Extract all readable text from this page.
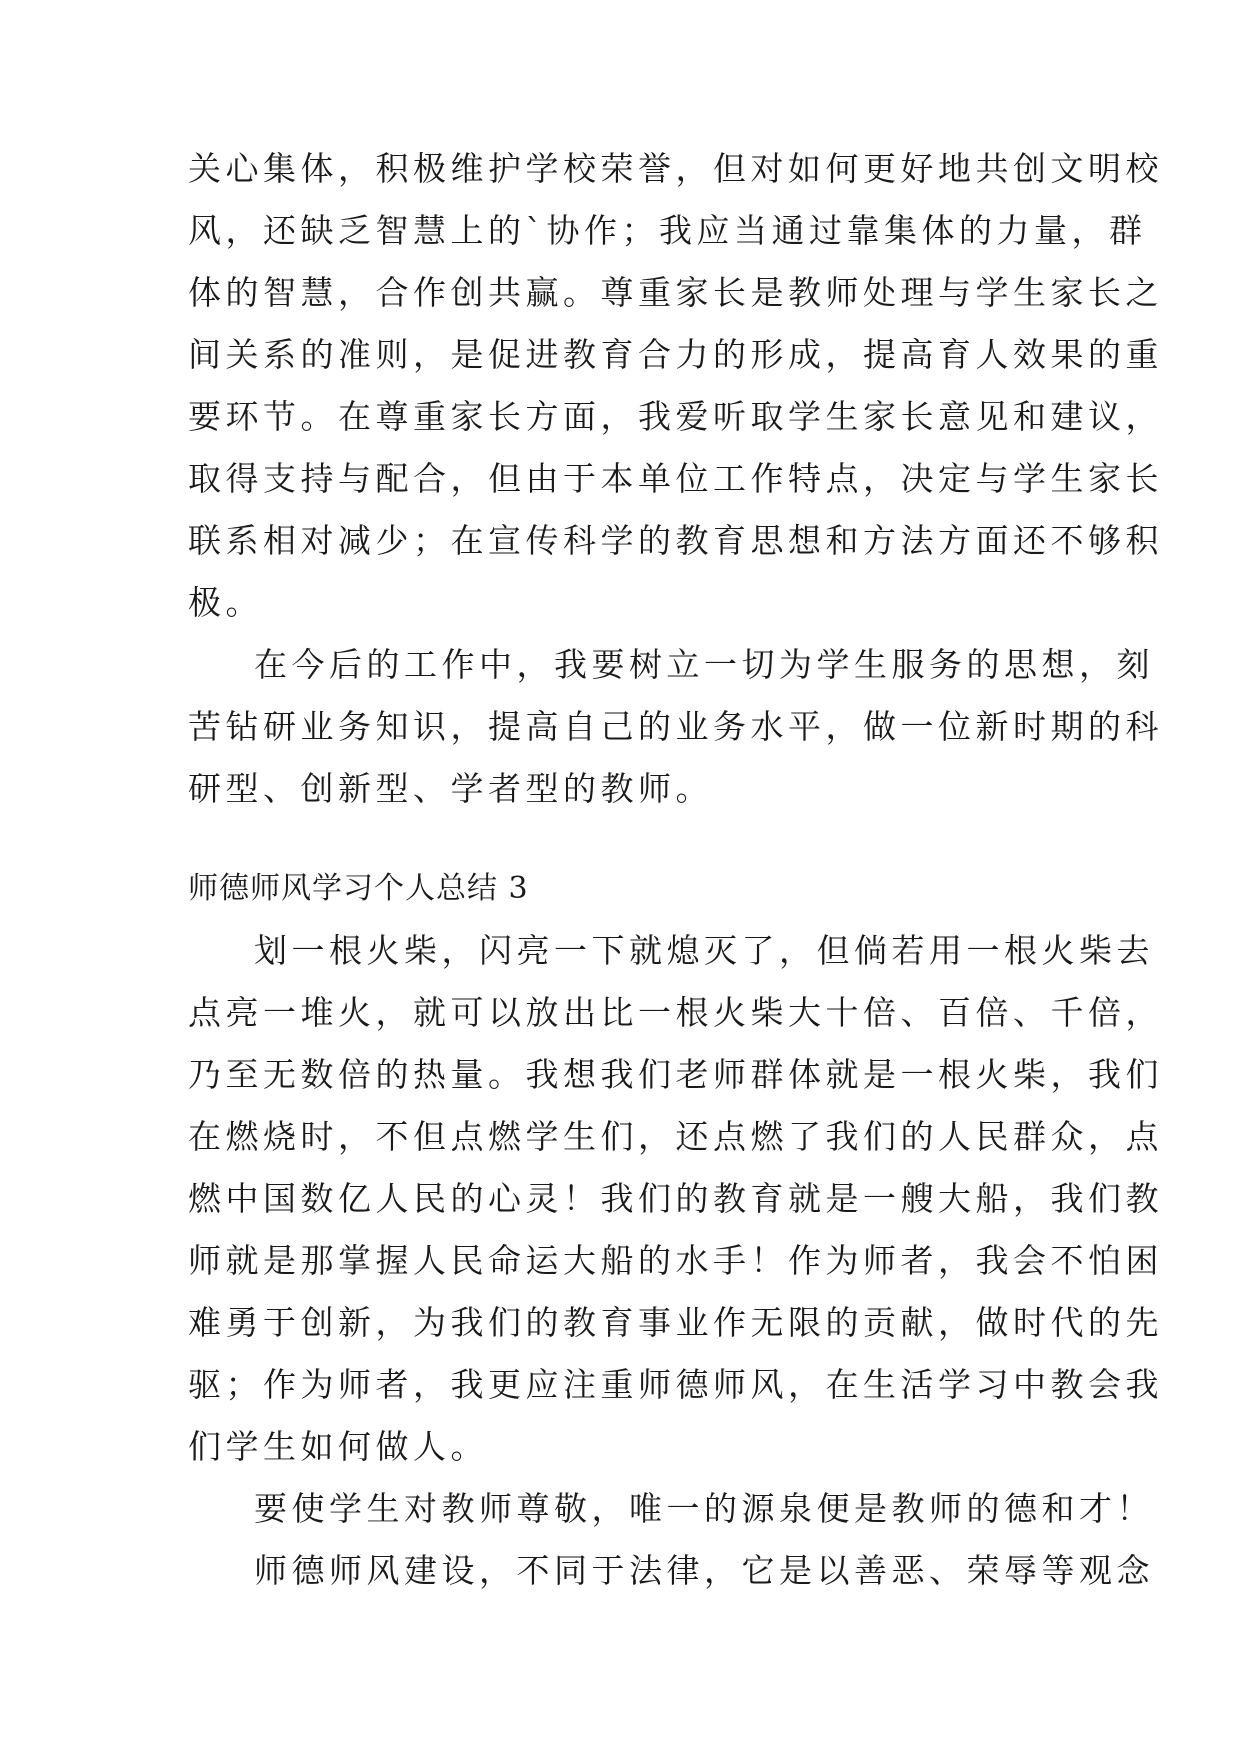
关心集体，积极维护学校荣誉，但对如何更好地共创文明校
风，还缺乏智慧上的`协作；我应当通过靠集体的力量，群
体的智慧，合作创共赢。尊重家长是教师处理与学生家长之
间关系的准则，是促进教育合力的形成，提高育人效果的重
要环节。在尊重家长方面，我爱听取学生家长意见和建议，
取得支持与配合，但由于本单位工作特点，决定与学生家长
联系相对减少；在宣传科学的教育思想和方法方面还不够积
极。
在今后的工作中，我要树立一切为学生服务的思想，刻
苦钻研业务知识，提高自己的业务水平，做一位新时期的科
研型、创新型、学者型的教师。
师德师风学习个人总结 3
划一根火柴，闪亮一下就熄灭了，但倘若用一根火柴去
点亮一堆火，就可以放出比一根火柴大十倍、百倍、千倍，
乃至无数倍的热量。我想我们老师群体就是一根火柴，我们
在燃烧时，不但点燃学生们，还点燃了我们的人民群众，点
燃中国数亿人民的心灵！我们的教育就是一艘大船，我们教
师就是那掌握人民命运大船的水手！作为师者，我会不怕困
难勇于创新，为我们的教育事业作无限的贡献，做时代的先
驱；作为师者，我更应注重师德师风，在生活学习中教会我
们学生如何做人。
要使学生对教师尊敬，唯一的源泉便是教师的德和才！
师德师风建设，不同于法律，它是以善恶、荣辱等观念
